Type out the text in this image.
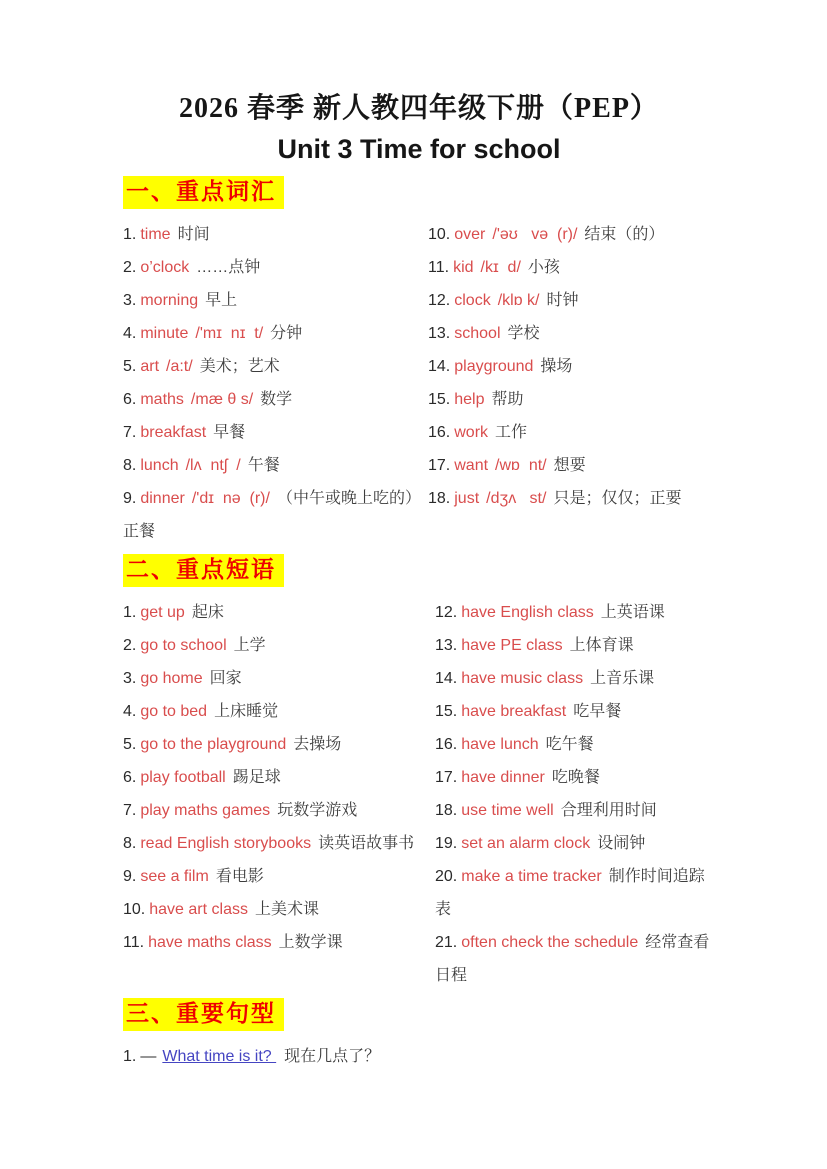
2026 春季 新人教四年级下册（PEP）
Unit 3 Time for school
一、重点词汇

1. time 时间

2. o’clock ……点钟

3. morning 早上

4. minute /'mɪ  nɪ  t/ 分钟

5. art /a:t/ 美术；艺术

6. maths /mæ θ s/ 数学

7. breakfast 早餐

8. lunch /lʌ  ntʃ  / 午餐

9. dinner /'dɪ  nə  (r)/ （中午或晚上吃的）正餐

10. over /'əʊ   və  (r)/ 结束（的）

11. kid /kɪ  d/ 小孩

12. clock /klɒ k/ 时钟

13. school 学校

14. playground 操场

15. help 帮助

16. work 工作

17. want /wɒ  nt/ 想要

18. just /dʒʌ   st/ 只是；仅仅；正要

二、重点短语

1. get up 起床

2. go to school 上学

3. go home 回家

4. go to bed 上床睡觉

5. go to the playground 去操场

6. play football 踢足球

7. play maths games 玩数学游戏

8. read English storybooks 读英语故事书

9. see a film 看电影

10. have art class 上美术课

11. have maths class 上数学课

12. have English class 上英语课

13. have PE class 上体育课

14. have music class 上音乐课

15. have breakfast 吃早餐

16. have lunch 吃午餐

17. have dinner 吃晚餐

18. use time well 合理利用时间

19. set an alarm clock 设闹钟

20. make a time tracker 制作时间追踪表

21. often check the schedule 经常查看日程

三、重要句型

1. — What time is it? 现在几点了？
